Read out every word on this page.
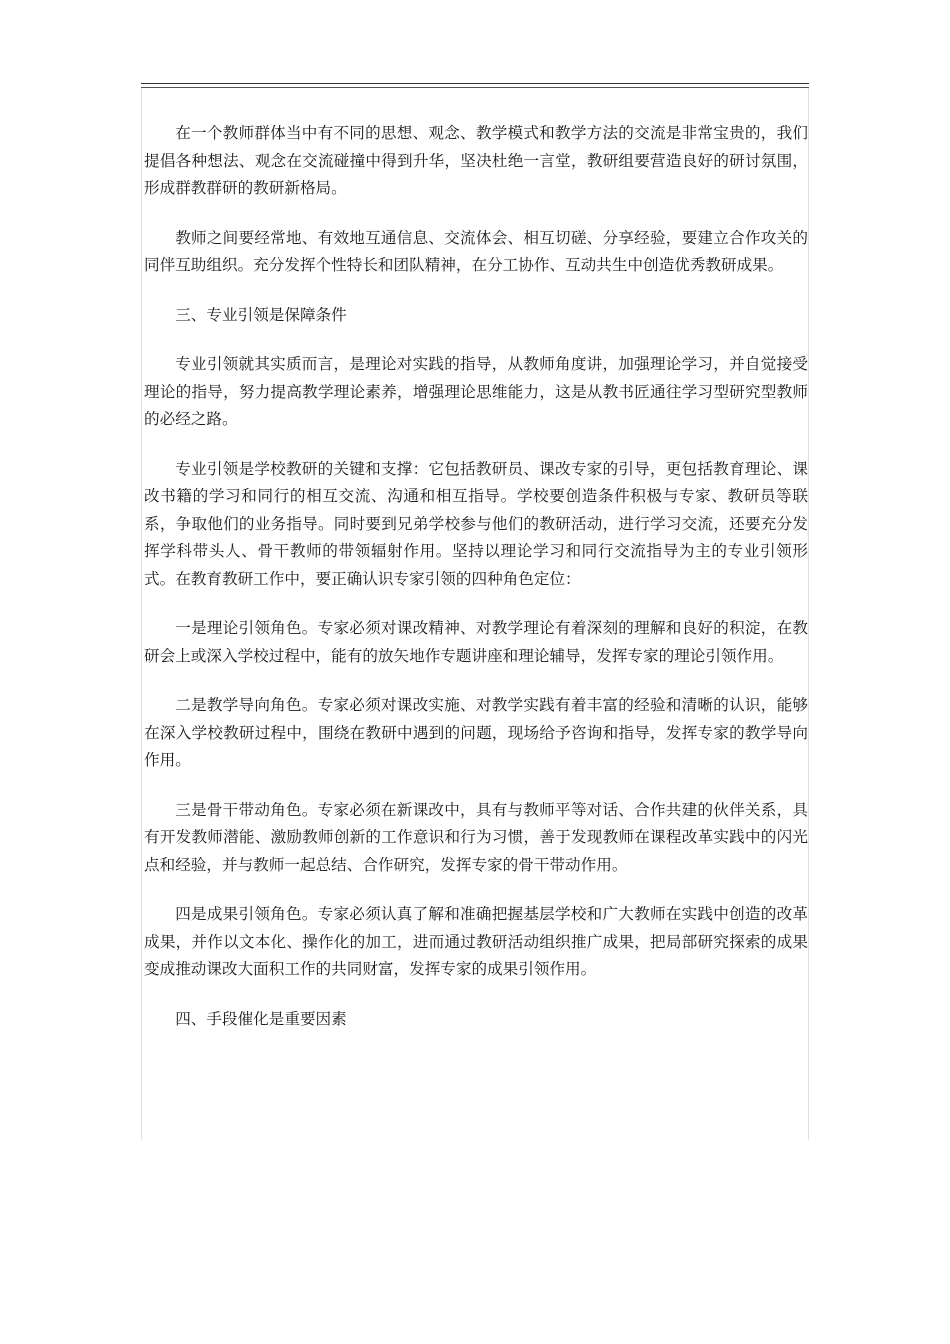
在一个教师群体当中有不同的思想、观念、教学模式和教学方法的交流是非常宝贵的，我们提倡各种想法、观念在交流碰撞中得到升华，坚决杜绝一言堂，教研组要营造良好的研讨氛围，形成群教群研的教研新格局。

教师之间要经常地、有效地互通信息、交流体会、相互切磋、分享经验，要建立合作攻关的同伴互助组织。充分发挥个性特长和团队精神，在分工协作、互动共生中创造优秀教研成果。

三、专业引领是保障条件

专业引领就其实质而言，是理论对实践的指导，从教师角度讲，加强理论学习，并自觉接受理论的指导，努力提高教学理论素养，增强理论思维能力，这是从教书匠通往学习型研究型教师的必经之路。

专业引领是学校教研的关键和支撑：它包括教研员、课改专家的引导，更包括教育理论、课改书籍的学习和同行的相互交流、沟通和相互指导。学校要创造条件积极与专家、教研员等联系，争取他们的业务指导。同时要到兄弟学校参与他们的教研活动，进行学习交流，还要充分发挥学科带头人、骨干教师的带领辐射作用。坚持以理论学习和同行交流指导为主的专业引领形式。在教育教研工作中，要正确认识专家引领的四种角色定位：

一是理论引领角色。专家必须对课改精神、对教学理论有着深刻的理解和良好的积淀，在教研会上或深入学校过程中，能有的放矢地作专题讲座和理论辅导，发挥专家的理论引领作用。

二是教学导向角色。专家必须对课改实施、对教学实践有着丰富的经验和清晰的认识，能够在深入学校教研过程中，围绕在教研中遇到的问题，现场给予咨询和指导，发挥专家的教学导向作用。

三是骨干带动角色。专家必须在新课改中，具有与教师平等对话、合作共建的伙伴关系，具有开发教师潜能、激励教师创新的工作意识和行为习惯，善于发现教师在课程改革实践中的闪光点和经验，并与教师一起总结、合作研究，发挥专家的骨干带动作用。

四是成果引领角色。专家必须认真了解和准确把握基层学校和广大教师在实践中创造的改革成果，并作以文本化、操作化的加工，进而通过教研活动组织推广成果，把局部研究探索的成果变成推动课改大面积工作的共同财富，发挥专家的成果引领作用。

四、手段催化是重要因素
